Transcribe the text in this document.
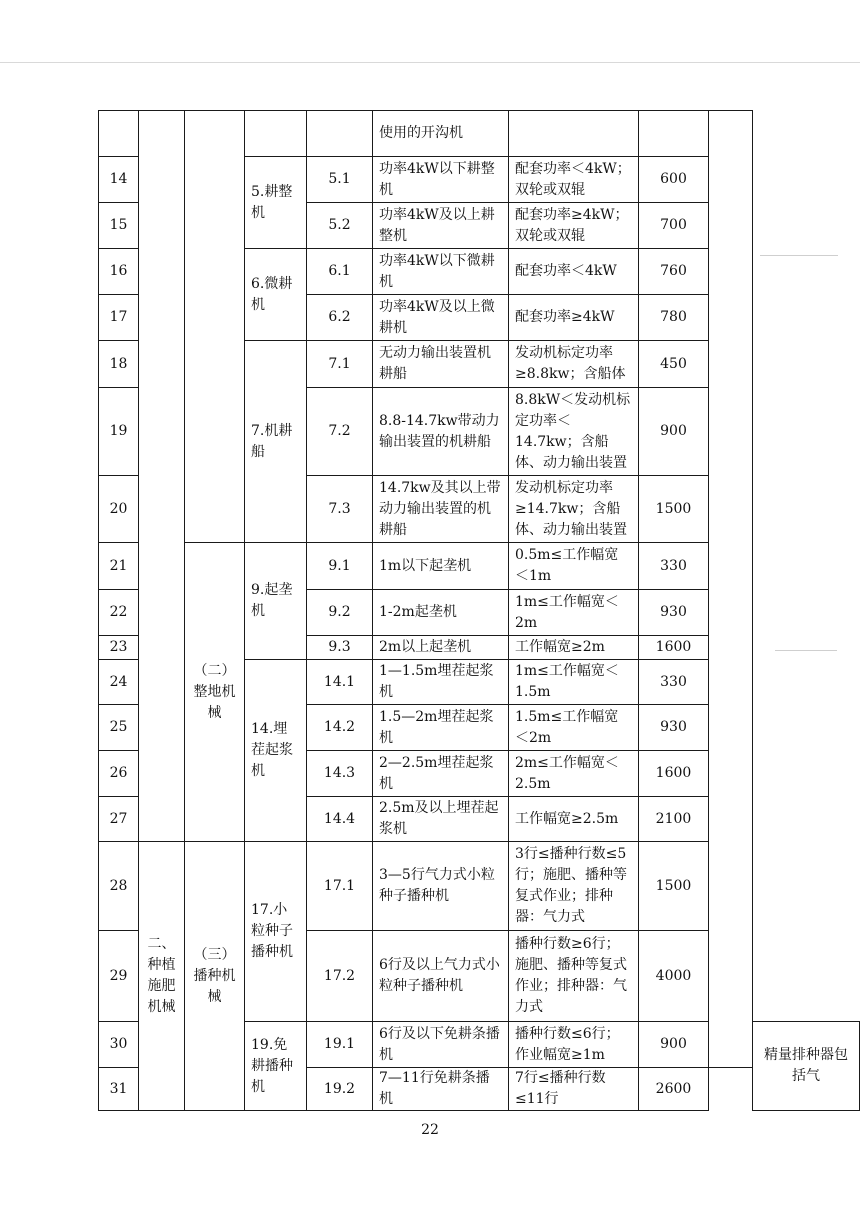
					使用的开沟机				
14			5.耕整机	5.1	功率4kW以下耕整机	配套功率＜4kW；双轮或双辊	600		
15				5.2	功率4kW及以上耕整机	配套功率≥4kW；双轮或双辊	700		
16			6.微耕机	6.1	功率4kW以下微耕机	配套功率＜4kW	760		
17				6.2	功率4kW及以上微耕机	配套功率≥4kW	780		
18			7.机耕船	7.1	无动力输出装置机耕船	发动机标定功率≥8.8kw；含船体	450		
19				7.2	8.8-14.7kw带动力输出装置的机耕船	8.8kW＜发动机标定功率＜14.7kw；含船体、动力输出装置	900		
20				7.3	14.7kw及其以上带动力输出装置的机耕船	发动机标定功率≥14.7kw；含船体、动力输出装置	1500		
21		（二）整地机械	9.起垄机	9.1	1m以下起垄机	0.5m≤工作幅宽＜1m	330		
22				9.2	1-2m起垄机	1m≤工作幅宽＜2m	930		
23				9.3	2m以上起垄机	工作幅宽≥2m	1600		
24			14.埋茬起浆机	14.1	1—1.5m埋茬起浆机	1m≤工作幅宽＜1.5m	330		
25				14.2	1.5—2m埋茬起浆机	1.5m≤工作幅宽＜2m	930		
26				14.3	2—2.5m埋茬起浆机	2m≤工作幅宽＜2.5m	1600		
27				14.4	2.5m及以上埋茬起浆机	工作幅宽≥2.5m	2100		
28	二、种植施肥机械	（三）播种机械	17.小粒种子播种机	17.1	3—5行气力式小粒种子播种机	3行≤播种行数≤5行；施肥、播种等复式作业；排种器：气力式	1500		
29				17.2	6行及以上气力式小粒种子播种机	播种行数≥6行；施肥、播种等复式作业；排种器：气力式	4000		
30			19.免耕播种机	19.1	6行及以下免耕条播机	播种行数≤6行；作业幅宽≥1m	900		精量排种器包括气
31				19.2	7—11行免耕条播机	7行≤播种行数≤11行	2600		
22
